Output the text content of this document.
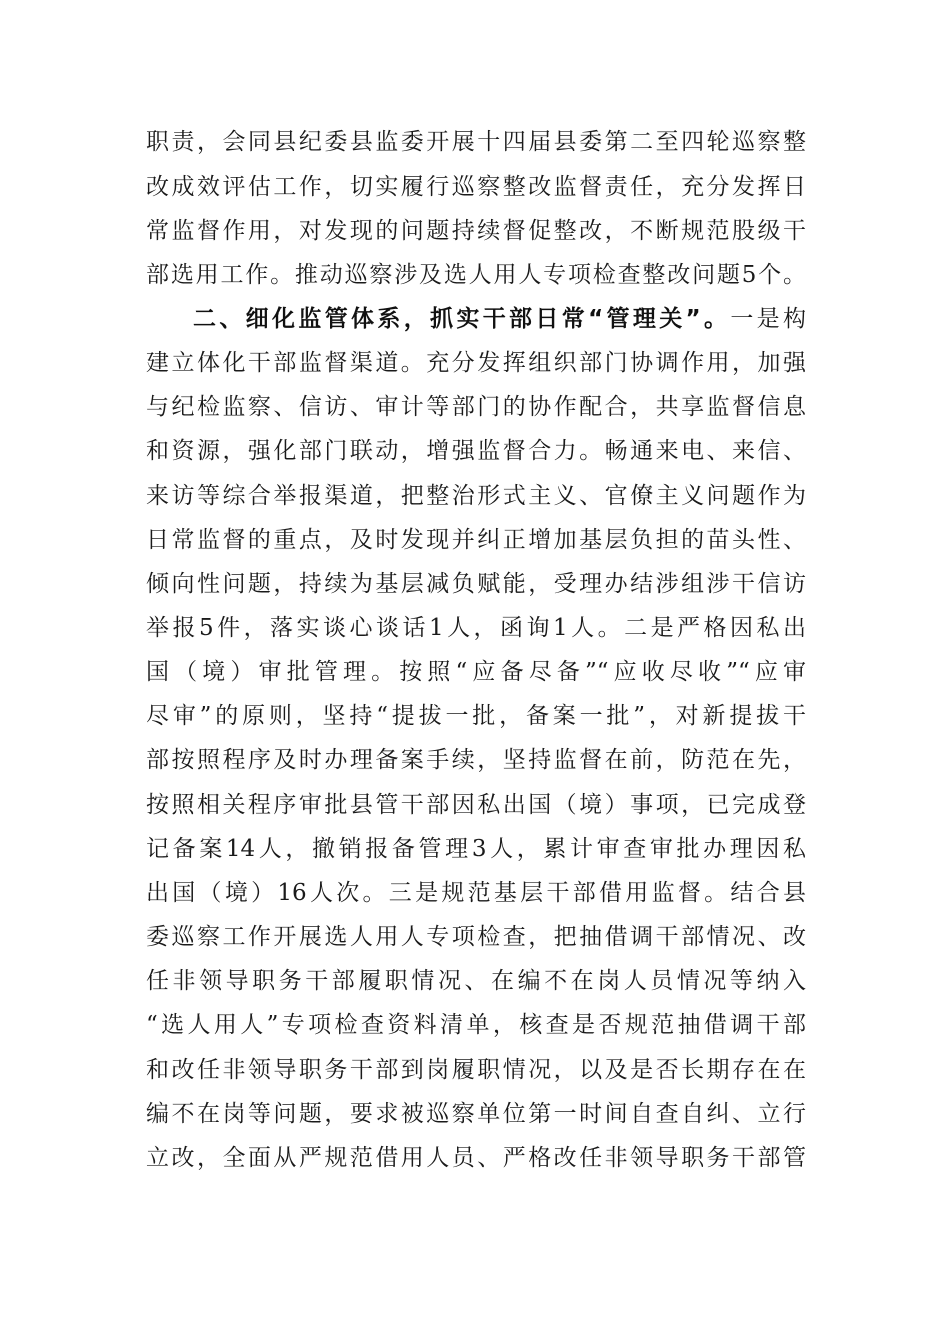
职责，会同县纪委县监委开展十四届县委第二至四轮巡察整
改成效评估工作，切实履行巡察整改监督责任，充分发挥日
常监督作用，对发现的问题持续督促整改，不断规范股级干
部选用工作。推动巡察涉及选人用人专项检查整改问题5个。
二、细化监管体系，抓实干部日常“管理关”。一是构
建立体化干部监督渠道。充分发挥组织部门协调作用，加强
与纪检监察、信访、审计等部门的协作配合，共享监督信息
和资源，强化部门联动，增强监督合力。畅通来电、来信、
来访等综合举报渠道，把整治形式主义、官僚主义问题作为
日常监督的重点，及时发现并纠正增加基层负担的苗头性、
倾向性问题，持续为基层减负赋能，受理办结涉组涉干信访
举报5件，落实谈心谈话1人，函询1人。二是严格因私出
国（境）审批管理。按照“应备尽备”“应收尽收”“应审
尽审”的原则，坚持“提拔一批，备案一批”，对新提拔干
部按照程序及时办理备案手续，坚持监督在前，防范在先，
按照相关程序审批县管干部因私出国（境）事项，已完成登
记备案14人，撤销报备管理3人，累计审查审批办理因私
出国（境）16人次。三是规范基层干部借用监督。结合县
委巡察工作开展选人用人专项检查，把抽借调干部情况、改
任非领导职务干部履职情况、在编不在岗人员情况等纳入
“选人用人”专项检查资料清单，核查是否规范抽借调干部
和改任非领导职务干部到岗履职情况，以及是否长期存在在
编不在岗等问题，要求被巡察单位第一时间自查自纠、立行
立改，全面从严规范借用人员、严格改任非领导职务干部管
